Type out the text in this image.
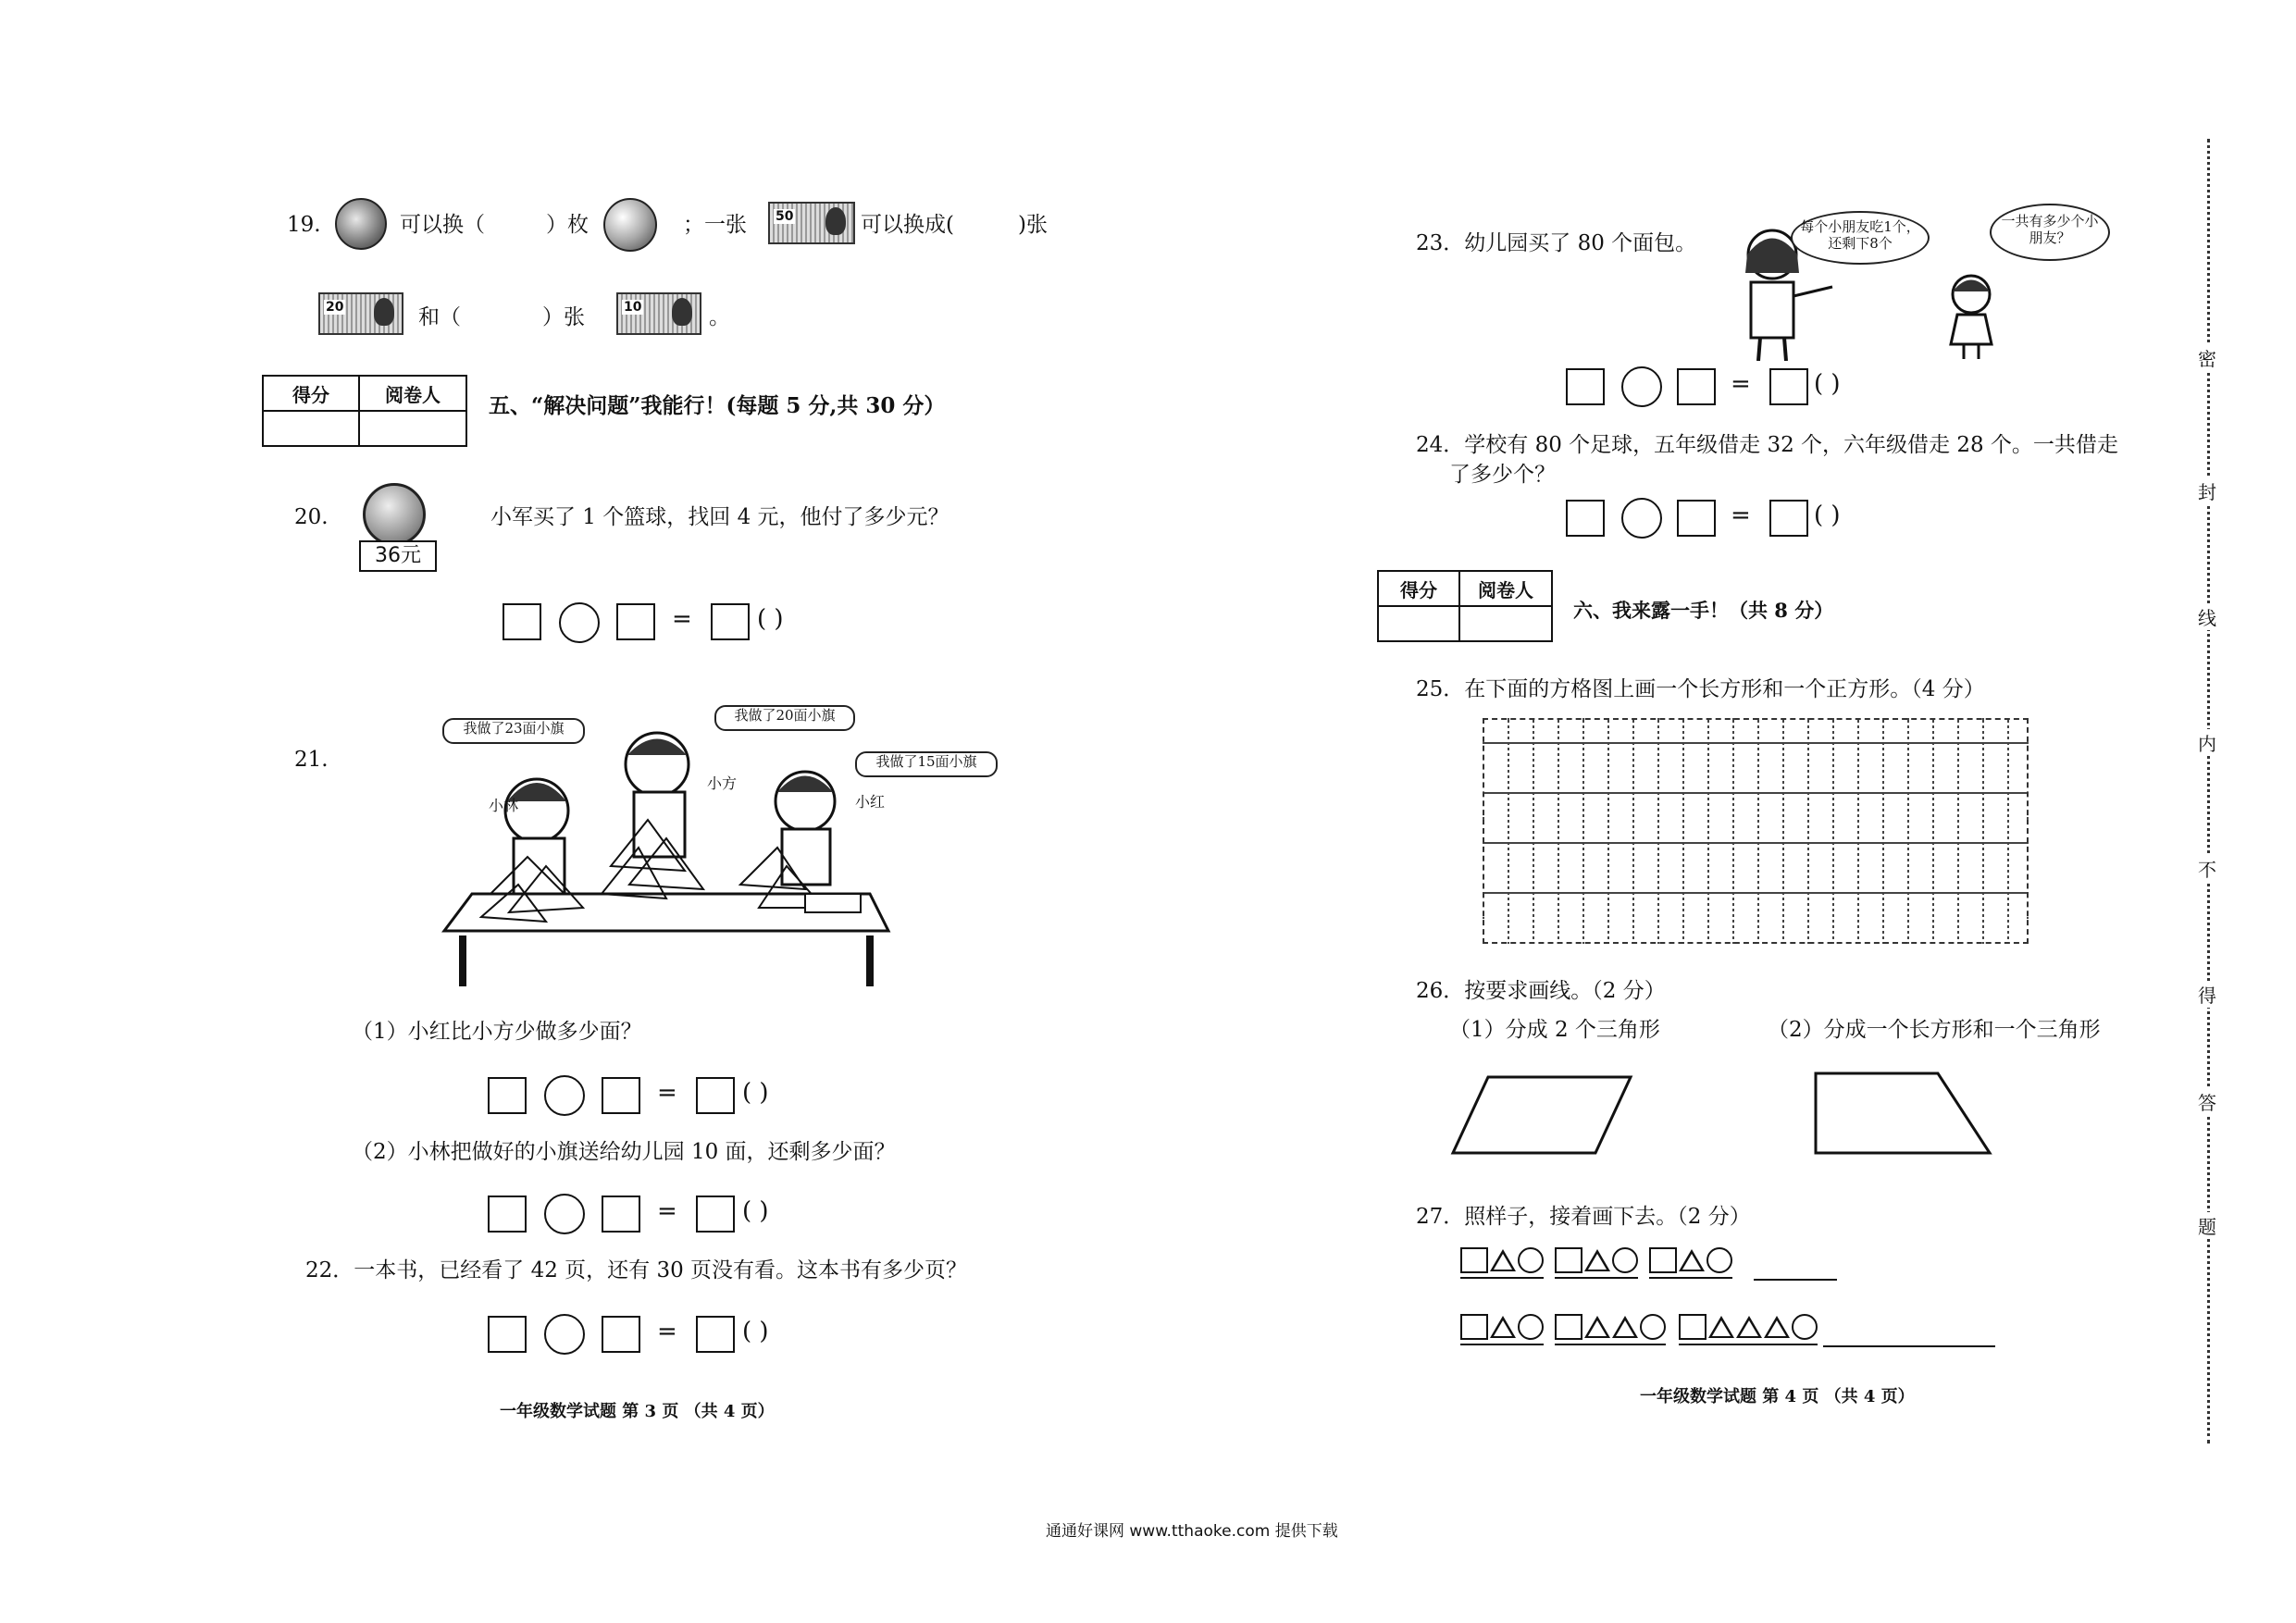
19.	可以换（	）枚	；一张 50	可以换成(	)张
20	和（	）张	10	。
得分	阅卷人
	五、“解决问题”我能行！(每题 5 分,共 30 分）
20.
36元
小军买了 1 个篮球，找回 4 元，他付了多少元？
=	( )
21.
我做了23面小旗
我做了20面小旗
我做了15面小旗
小林
小方
小红
（1）小红比小方少做多少面？
=	( )
（2）小林把做好的小旗送给幼儿园 10 面，还剩多少面？
=	( )
22．一本书，已经看了 42 页，还有 30 页没有看。这本书有多少页？
=	( )
一年级数学试题 第 3 页 （共 4 页）
23．幼儿园买了 80 个面包。
每个小朋友吃1个，还剩下8个
一共有多少个小朋友？
=	( )
24．学校有 80 个足球，五年级借走 32 个，六年级借走 28 个。一共借走
了多少个？
=	( )
得分	阅卷人

六、我来露一手！（共 8 分）
25．在下面的方格图上画一个长方形和一个正方形。（4 分）
26．按要求画线。（2 分）
（1）分成 2 个三角形	（2）分成一个长方形和一个三角形
27．照样子，接着画下去。（2 分）
一年级数学试题 第 4 页 （共 4 页）
通通好课网 www.tthaoke.com 提供下载
密
封
线
内
不
得
答
题
